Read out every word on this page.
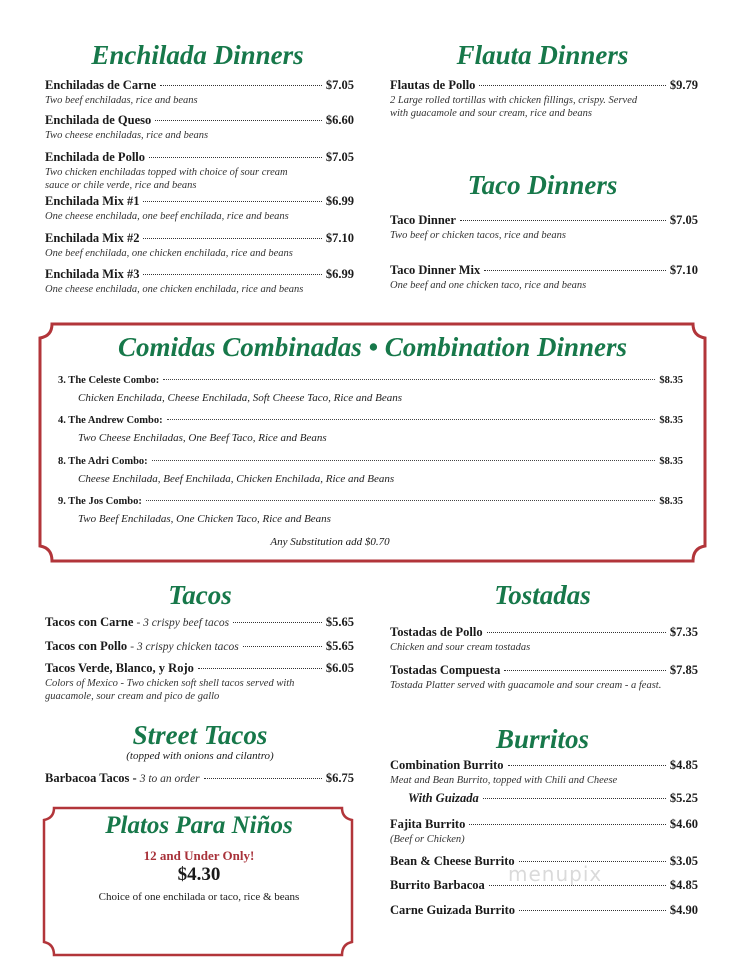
Enchilada Dinners	Flauta Dinners
Taco Dinners
Comidas Combinadas • Combination Dinners
Any Substitution add $0.70
Tacos	Tostadas
Street Tacos
(topped with onions and cilantro)
Burritos
Platos Para Niños
12 and Under Only!
$4.30
Choice of one enchilada or taco, rice & beans
menupix
Enchiladas de Carne	$7.05
Two beef enchiladas, rice and beans
Enchilada de Queso	$6.60
Two cheese enchiladas, rice and beans
Enchilada de Pollo	$7.05
Two chicken enchiladas topped with choice of sour cream sauce or chile verde, rice and beans
Enchilada Mix #1	$6.99
One cheese enchilada, one beef enchilada, rice and beans
Enchilada Mix #2	$7.10
One beef enchilada, one chicken enchilada, rice and beans
Enchilada Mix #3	$6.99
One cheese enchilada, one chicken enchilada, rice and beans
Flautas de Pollo	$9.79
2 Large rolled tortillas with chicken fillings, crispy. Served with guacamole and sour cream, rice and beans
Taco Dinner	$7.05
Two beef or chicken tacos, rice and beans
Taco Dinner Mix	$7.10
One beef and one chicken taco, rice and beans
3. The Celeste Combo:	$8.35
Chicken Enchilada, Cheese Enchilada, Soft Cheese Taco, Rice and Beans
4. The Andrew Combo:	$8.35
Two Cheese Enchiladas, One Beef Taco, Rice and Beans
8. The Adri Combo:	$8.35
Cheese Enchilada, Beef Enchilada, Chicken Enchilada, Rice and Beans
9. The Jos Combo:	$8.35
Two Beef Enchiladas, One Chicken Taco, Rice and Beans
Tacos con Carne - 3 crispy beef tacos	$5.65
Tacos con Pollo - 3 crispy chicken tacos	$5.65
Tacos Verde, Blanco, y Rojo	$6.05
Colors of Mexico - Two chicken soft shell tacos served with guacamole, sour cream and pico de gallo
Barbacoa Tacos - 3 to an order	$6.75
Tostadas de Pollo	$7.35
Chicken and sour cream tostadas
Tostadas Compuesta	$7.85
Tostada Platter served with guacamole and sour cream - a feast.
Combination Burrito	$4.85
Meat and Bean Burrito, topped with Chili and Cheese
With Guizada	$5.25
Fajita Burrito	$4.60
(Beef or Chicken)
Bean & Cheese Burrito	$3.05
Burrito Barbacoa	$4.85
Carne Guizada Burrito	$4.90
